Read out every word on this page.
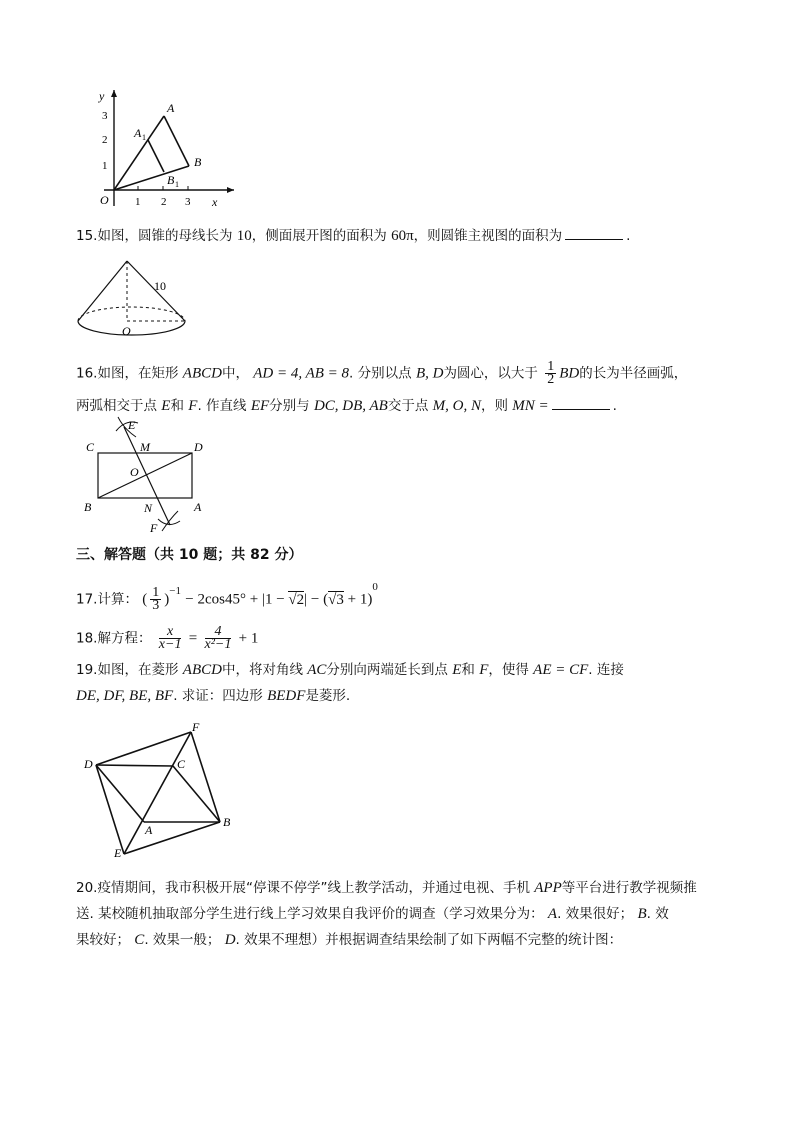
y
x
O
1
2
3
1 2 3
A
A 1
B
B 1
15.如图，圆锥的母线长为 10，侧面展开图的面积为 60π，则圆锥主视图的面积为	.
10
O
16.如图，在矩形 ABCD中， AD = 4, AB = 8. 分别以点 B, D为圆心，以大于 $\frac{1}{2}$ BD的长为半径画弧，
两弧相交于点 E和 F. 作直线 EF分别与 DC, DB, AB交于点 M, O, N，则 MN =	.
C	D
B	A
E
M
O
N
F
三、解答题（共 10 题；共 82 分）
17.计算： ( $\frac{1}{3} )^{-1} - 2\cos 45^\circ + |1 - √2| - (√3 + 1)^0$
18.解方程： $\frac{x}{x-1} = \frac{4}{\text{x²−1}} + 1$
19.如图，在菱形 ABCD中，将对角线 AC分别向两端延长到点 E和 F，使得 AE = CF. 连接
DE, DF, BE, BF. 求证：四边形 BEDF是菱形.
D
F
C
A
B
E
20.疫情期间，我市积极开展“停课不停学”线上教学活动，并通过电视、手机 APP等平台进行教学视频推
送. 某校随机抽取部分学生进行线上学习效果自我评价的调查（学习效果分为： A. 效果很好； B. 效
果较好； C. 效果一般； D. 效果不理想）并根据调查结果绘制了如下两幅不完整的统计图：
